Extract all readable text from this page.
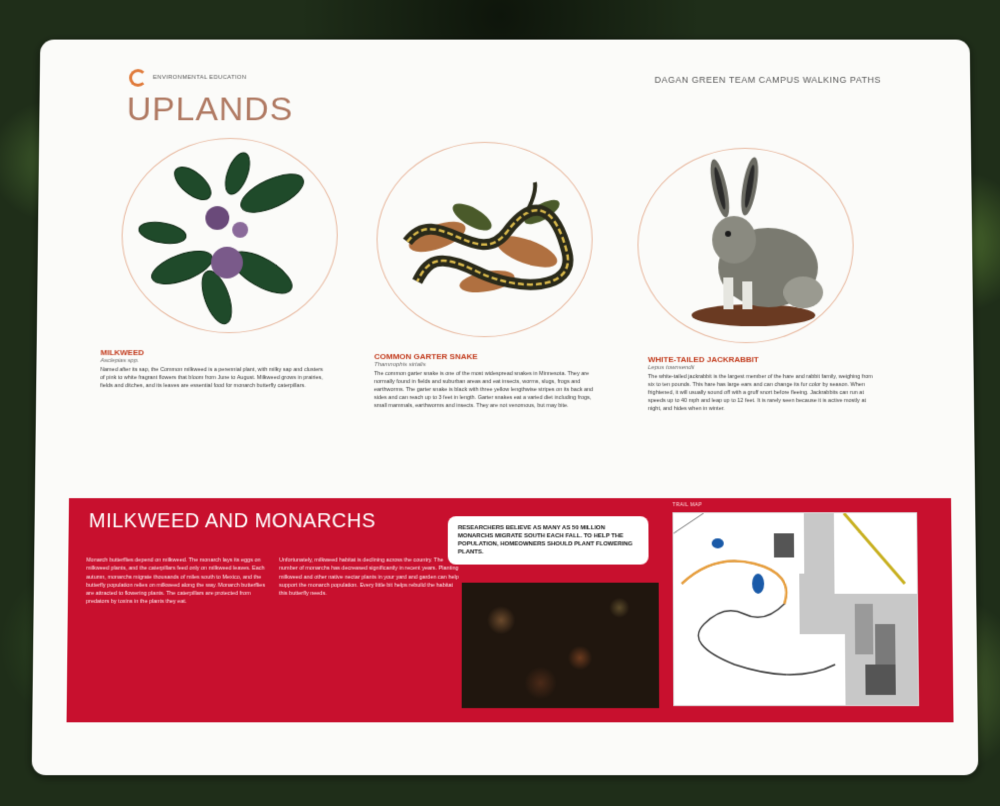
ENVIRONMENTAL EDUCATION	DAGAN GREEN TEAM CAMPUS WALKING PATHS
UPLANDS
MILKWEED
Asclepias spp.
Named after its sap, the Common milkweed is a perennial plant, with milky sap and clusters of pink to white fragrant flowers that bloom from June to August. Milkweed grows in prairies, fields and ditches, and its leaves are essential food for monarch butterfly caterpillars.
COMMON GARTER SNAKE
Thamnophis sirtalis
The common garter snake is one of the most widespread snakes in Minnesota. They are normally found in fields and suburban areas and eat insects, worms, slugs, frogs and earthworms. The garter snake is black with three yellow lengthwise stripes on its back and sides and can reach up to 3 feet in length. Garter snakes eat a varied diet including frogs, small mammals, earthworms and insects. They are not venomous, but may bite.
WHITE-TAILED JACKRABBIT
Lepus townsendii
The white-tailed jackrabbit is the largest member of the hare and rabbit family, weighing from six to ten pounds. This hare has large ears and can change its fur color by season. When frightened, it will usually sound off with a gruff snort before fleeing. Jackrabbits can run at speeds up to 40 mph and leap up to 12 feet. It is rarely seen because it is active mostly at night, and hides when in winter.
MILKWEED AND MONARCHS
Monarch butterflies depend on milkweed. The monarch lays its eggs on milkweed plants, and the caterpillars feed only on milkweed leaves. Each autumn, monarchs migrate thousands of miles south to Mexico, and the butterfly population relies on milkweed along the way. Monarch butterflies are attracted to flowering plants. The caterpillars are protected from predators by toxins in the plants they eat.
Unfortunately, milkweed habitat is declining across the country. The number of monarchs has decreased significantly in recent years. Planting milkweed and other native nectar plants in your yard and garden can help support the monarch population. Every little bit helps rebuild the habitat this butterfly needs.
RESEARCHERS BELIEVE AS MANY AS 50 MILLION MONARCHS MIGRATE SOUTH EACH FALL. TO HELP THE POPULATION, HOMEOWNERS SHOULD PLANT FLOWERING PLANTS.
TRAIL MAP
